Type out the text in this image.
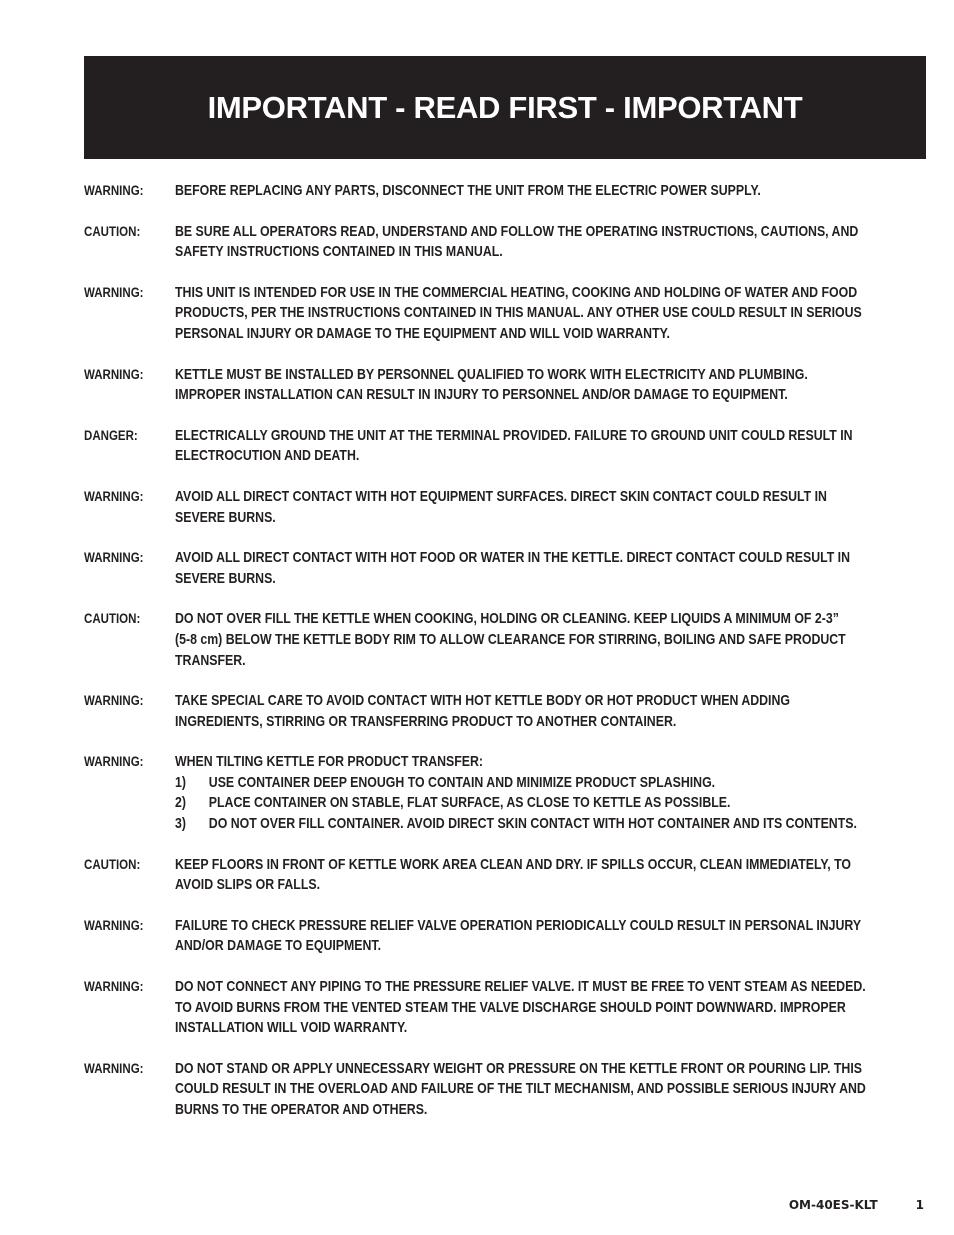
IMPORTANT - READ FIRST - IMPORTANT
WARNING:	BEFORE REPLACING ANY PARTS, DISCONNECT THE UNIT FROM THE ELECTRIC POWER SUPPLY.
CAUTION:	BE SURE ALL OPERATORS READ, UNDERSTAND AND FOLLOW THE OPERATING INSTRUCTIONS, CAUTIONS, AND
SAFETY INSTRUCTIONS CONTAINED IN THIS MANUAL.
WARNING:	THIS UNIT IS INTENDED FOR USE IN THE COMMERCIAL HEATING, COOKING AND HOLDING OF WATER AND FOOD
PRODUCTS, PER THE INSTRUCTIONS CONTAINED IN THIS MANUAL. ANY OTHER USE COULD RESULT IN SERIOUS
PERSONAL INJURY OR DAMAGE TO THE EQUIPMENT AND WILL VOID WARRANTY.
WARNING:	KETTLE MUST BE INSTALLED BY PERSONNEL QUALIFIED TO WORK WITH ELECTRICITY AND PLUMBING.
IMPROPER INSTALLATION CAN RESULT IN INJURY TO PERSONNEL AND/OR DAMAGE TO EQUIPMENT.
DANGER:	ELECTRICALLY GROUND THE UNIT AT THE TERMINAL PROVIDED. FAILURE TO GROUND UNIT COULD RESULT IN
ELECTROCUTION AND DEATH.
WARNING:	AVOID ALL DIRECT CONTACT WITH HOT EQUIPMENT SURFACES. DIRECT SKIN CONTACT COULD RESULT IN
SEVERE BURNS.
WARNING:	AVOID ALL DIRECT CONTACT WITH HOT FOOD OR WATER IN THE KETTLE. DIRECT CONTACT COULD RESULT IN
SEVERE BURNS.
CAUTION:	DO NOT OVER FILL THE KETTLE WHEN COOKING, HOLDING OR CLEANING. KEEP LIQUIDS A MINIMUM OF 2-3”
(5-8 cm) BELOW THE KETTLE BODY RIM TO ALLOW CLEARANCE FOR STIRRING, BOILING AND SAFE PRODUCT
TRANSFER.
WARNING:	TAKE SPECIAL CARE TO AVOID CONTACT WITH HOT KETTLE BODY OR HOT PRODUCT WHEN ADDING
INGREDIENTS, STIRRING OR TRANSFERRING PRODUCT TO ANOTHER CONTAINER.
WARNING:	WHEN TILTING KETTLE FOR PRODUCT TRANSFER:
1)	USE CONTAINER DEEP ENOUGH TO CONTAIN AND MINIMIZE PRODUCT SPLASHING.
2)	PLACE CONTAINER ON STABLE, FLAT SURFACE, AS CLOSE TO KETTLE AS POSSIBLE.
3)	DO NOT OVER FILL CONTAINER. AVOID DIRECT SKIN CONTACT WITH HOT CONTAINER AND ITS CONTENTS.
CAUTION:	KEEP FLOORS IN FRONT OF KETTLE WORK AREA CLEAN AND DRY. IF SPILLS OCCUR, CLEAN IMMEDIATELY, TO
AVOID SLIPS OR FALLS.
WARNING:	FAILURE TO CHECK PRESSURE RELIEF VALVE OPERATION PERIODICALLY COULD RESULT IN PERSONAL INJURY
AND/OR DAMAGE TO EQUIPMENT.
WARNING:	DO NOT CONNECT ANY PIPING TO THE PRESSURE RELIEF VALVE. IT MUST BE FREE TO VENT STEAM AS NEEDED.
TO AVOID BURNS FROM THE VENTED STEAM THE VALVE DISCHARGE SHOULD POINT DOWNWARD. IMPROPER
INSTALLATION WILL VOID WARRANTY.
WARNING:	DO NOT STAND OR APPLY UNNECESSARY WEIGHT OR PRESSURE ON THE KETTLE FRONT OR POURING LIP. THIS
COULD RESULT IN THE OVERLOAD AND FAILURE OF THE TILT MECHANISM, AND POSSIBLE SERIOUS INJURY AND
BURNS TO THE OPERATOR AND OTHERS.
OM-40ES-KLT	1
